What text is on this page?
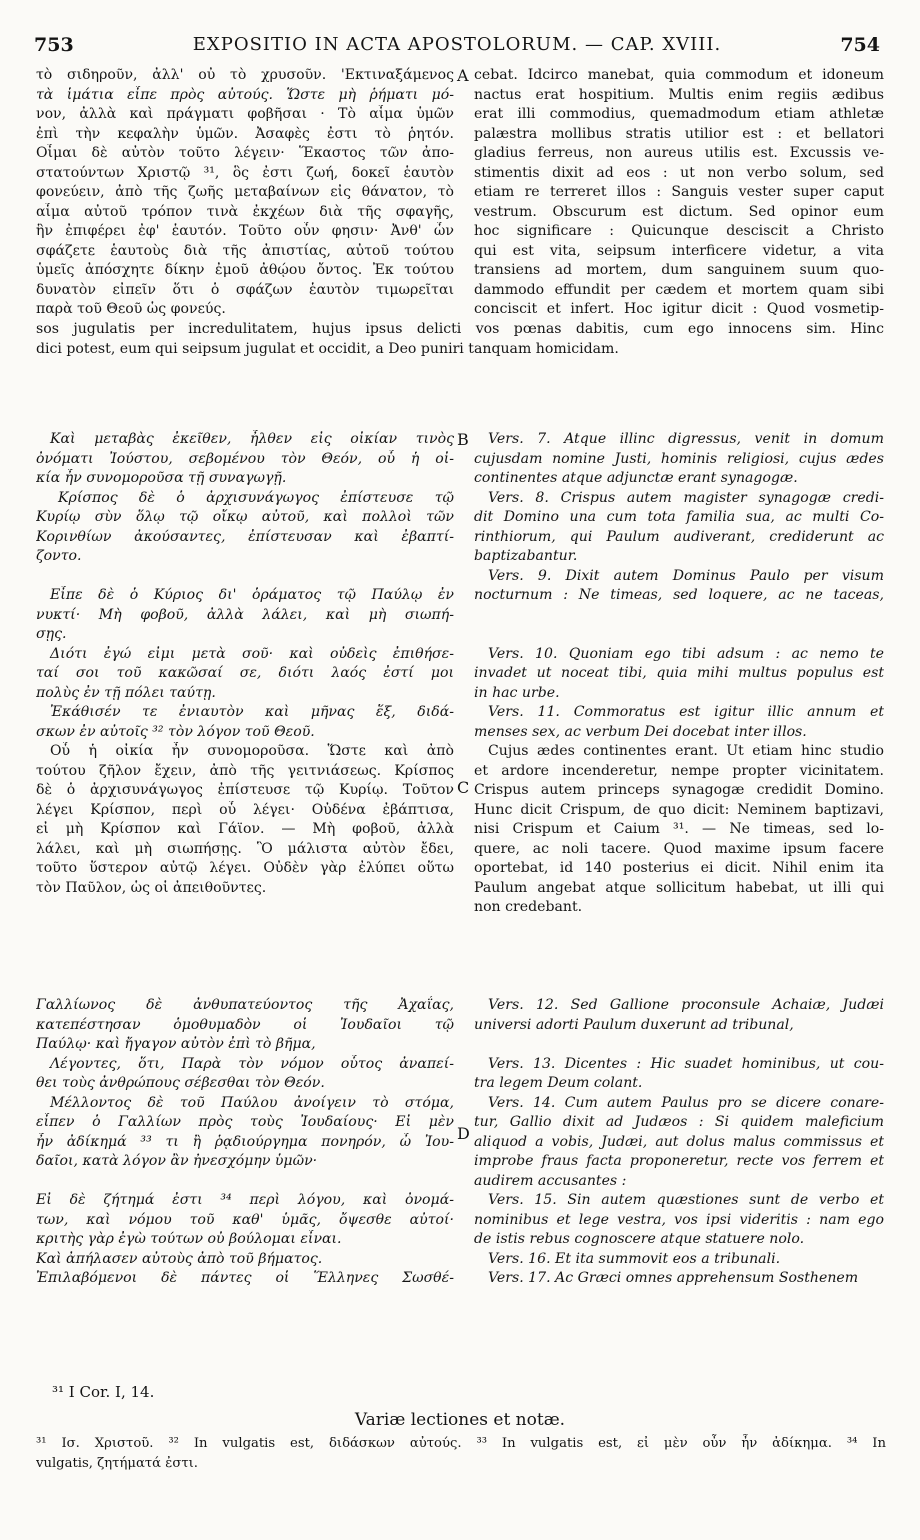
753	EXPOSITIO IN ACTA APOSTOLORUM. — CAP. XVIII.	754
A
B
C
D
τὸ σιδηροῦν, ἀλλ' οὐ τὸ χρυσοῦν. 'Εκτιναξάμενος
τὰ ἱμάτια εἶπε πρὸς αὐτούς. Ὥστε μὴ ῥήματι μό-
νον, ἀλλὰ καὶ πράγματι φοβῆσαι · Τὸ αἷμα ὑμῶν
ἐπὶ τὴν κεφαλὴν ὑμῶν. Ἀσαφὲς ἐστι τὸ ῥητόν.
Οἶμαι δὲ αὐτὸν τοῦτο λέγειν· Ἕκαστος τῶν ἀπο-
στατούντων Χριστῷ ³¹, ὃς ἐστι ζωή, δοκεῖ ἑαυτὸν
φονεύειν, ἀπὸ τῆς ζωῆς μεταβαίνων εἰς θάνατον, τὸ
αἷμα αὐτοῦ τρόπον τινὰ ἐκχέων διὰ τῆς σφαγῆς,
ἣν ἐπιφέρει ἐφ' ἑαυτόν. Τοῦτο οὖν φησιν· Ἀνθ' ὧν
σφάζετε ἑαυτοὺς διὰ τῆς ἀπιστίας, αὐτοῦ τούτου
ὑμεῖς ἀπόσχητε δίκην ἐμοῦ ἀθῴου ὄντος. Ἐκ τούτου
δυνατὸν εἰπεῖν ὅτι ὁ σφάζων ἑαυτὸν τιμωρεῖται
παρὰ τοῦ Θεοῦ ὡς φονεύς.
cebat. Idcirco manebat, quia commodum et idoneum
nactus erat hospitium. Multis enim regiis ædibus
erat illi commodius, quemadmodum etiam athletæ
palæstra mollibus stratis utilior est : et bellatori
gladius ferreus, non aureus utilis est. Excussis ve-
stimentis dixit ad eos : ut non verbo solum, sed
etiam re terreret illos : Sanguis vester super caput
vestrum. Obscurum est dictum. Sed opinor eum
hoc significare : Quicunque desciscit a Christo
qui est vita, seipsum interficere videtur, a vita
transiens ad mortem, dum sanguinem suum quo-
dammodo effundit per cædem et mortem quam sibi
conciscit et infert. Hoc igitur dicit : Quod vosmetip-
sos jugulatis per incredulitatem, hujus ipsus delicti vos pœnas dabitis, cum ego innocens sim. Hinc
dici potest, eum qui seipsum jugulat et occidit, a Deo puniri tanquam homicidam.
Καὶ μεταβὰς ἐκεῖθεν, ἦλθεν εἰς οἰκίαν τινὸς
ὀνόματι Ἰούστου, σεβομένου τὸν Θεόν, οὗ ἡ οἰ-
κία ἦν συνομοροῦσα τῇ συναγωγῇ.
Κρίσπος δὲ ὁ ἀρχισυνάγωγος ἐπίστευσε τῷ
Κυρίῳ σὺν ὅλῳ τῷ οἴκῳ αὐτοῦ, καὶ πολλοὶ τῶν
Κορινθίων ἀκούσαντες, ἐπίστευσαν καὶ ἐβαπτί-
ζοντο.
Εἶπε δὲ ὁ Κύριος δι' ὁράματος τῷ Παύλῳ ἐν
νυκτί· Μὴ φοβοῦ, ἀλλὰ λάλει, καὶ μὴ σιωπή-
σῃς.
Διότι ἐγώ εἰμι μετὰ σοῦ· καὶ οὐδεὶς ἐπιθήσε-
ταί σοι τοῦ κακῶσαί σε, διότι λαός ἐστί μοι
πολὺς ἐν τῇ πόλει ταύτῃ.
Ἐκάθισέν τε ἐνιαυτὸν καὶ μῆνας ἕξ, διδά-
σκων ἐν αὐτοῖς ³² τὸν λόγον τοῦ Θεοῦ.
Οὗ ἡ οἰκία ἦν συνομοροῦσα. Ὥστε καὶ ἀπὸ
τούτου ζῆλον ἔχειν, ἀπὸ τῆς γειτνιάσεως. Κρίσπος
δὲ ὁ ἀρχισυνάγωγος ἐπίστευσε τῷ Κυρίῳ. Τοῦτον
λέγει Κρίσπον, περὶ οὗ λέγει· Οὐδένα ἐβάπτισα,
εἰ μὴ Κρίσπον καὶ Γάϊον. — Μὴ φοβοῦ, ἀλλὰ
λάλει, καὶ μὴ σιωπήσῃς. Ὃ μάλιστα αὐτὸν ἔδει,
τοῦτο ὕστερον αὐτῷ λέγει. Οὐδὲν γὰρ ἐλύπει οὕτω
τὸν Παῦλον, ὡς οἱ ἀπειθοῦντες.
Vers. 7. Atque illinc digressus, venit in domum
cujusdam nomine Justi, hominis religiosi, cujus ædes
continentes atque adjunctæ erant synagogæ.
Vers. 8. Crispus autem magister synagogæ credi-
dit Domino una cum tota familia sua, ac multi Co-
rinthiorum, qui Paulum audiverant, crediderunt ac
baptizabantur.
Vers. 9. Dixit autem Dominus Paulo per visum
nocturnum : Ne timeas, sed loquere, ac ne taceas,
Vers. 10. Quoniam ego tibi adsum : ac nemo te
invadet ut noceat tibi, quia mihi multus populus est
in hac urbe.
Vers. 11. Commoratus est igitur illic annum et
menses sex, ac verbum Dei docebat inter illos.
Cujus ædes continentes erant. Ut etiam hinc studio
et ardore incenderetur, nempe propter vicinitatem.
Crispus autem princeps synagogæ credidit Domino.
Hunc dicit Crispum, de quo dicit: Neminem baptizavi,
nisi Crispum et Caium ³¹. — Ne timeas, sed lo-
quere, ac noli tacere. Quod maxime ipsum facere
oportebat, id 140 posterius ei dicit. Nihil enim ita
Paulum angebat atque sollicitum habebat, ut illi qui
non credebant.
Γαλλίωνος δὲ ἀνθυπατεύοντος τῆς Ἀχαΐας,
κατεπέστησαν ὁμοθυμαδὸν οἱ Ἰουδαῖοι τῷ
Παύλῳ· καὶ ἤγαγον αὐτὸν ἐπὶ τὸ βῆμα,
Λέγοντες, ὅτι, Παρὰ τὸν νόμον οὗτος ἀναπεί-
θει τοὺς ἀνθρώπους σέβεσθαι τὸν Θεόν.
Μέλλοντος δὲ τοῦ Παύλου ἀνοίγειν τὸ στόμα,
εἶπεν ὁ Γαλλίων πρὸς τοὺς Ἰουδαίους· Εἰ μὲν
ἦν ἀδίκημά ³³ τι ἢ ῥᾳδιούργημα πονηρόν, ὦ Ἰου-
δαῖοι, κατὰ λόγον ἂν ἠνεσχόμην ὑμῶν·
Εἰ δὲ ζήτημά ἐστι ³⁴ περὶ λόγου, καὶ ὀνομά-
των, καὶ νόμου τοῦ καθ' ὑμᾶς, ὄψεσθε αὐτοί·
κριτὴς γὰρ ἐγὼ τούτων οὐ βούλομαι εἶναι.
Καὶ ἀπήλασεν αὐτοὺς ἀπὸ τοῦ βήματος.
Ἐπιλαβόμενοι δὲ πάντες οἱ Ἕλληνες Σωσθέ-
Vers. 12. Sed Gallione proconsule Achaiæ, Judæi
universi adorti Paulum duxerunt ad tribunal,
Vers. 13. Dicentes : Hic suadet hominibus, ut cou-
tra legem Deum colant.
Vers. 14. Cum autem Paulus pro se dicere conare-
tur, Gallio dixit ad Judæos : Si quidem maleficium
aliquod a vobis, Judæi, aut dolus malus commissus et
improbe fraus facta proponeretur, recte vos ferrem et
audirem accusantes :
Vers. 15. Sin autem quæstiones sunt de verbo et
nominibus et lege vestra, vos ipsi videritis : nam ego
de istis rebus cognoscere atque statuere nolo.
Vers. 16. Et ita summovit eos a tribunali.
Vers. 17. Ac Græci omnes apprehensum Sosthenem
³¹ I Cor. I, 14.
Variæ lectiones et notæ.
³¹ Ισ. Χριστοῦ. ³² In vulgatis est, διδάσκων αὐτούς. ³³ In vulgatis est, εἰ μὲν οὖν ἦν ἀδίκημα. ³⁴ In
vulgatis, ζητήματά ἐστι.
